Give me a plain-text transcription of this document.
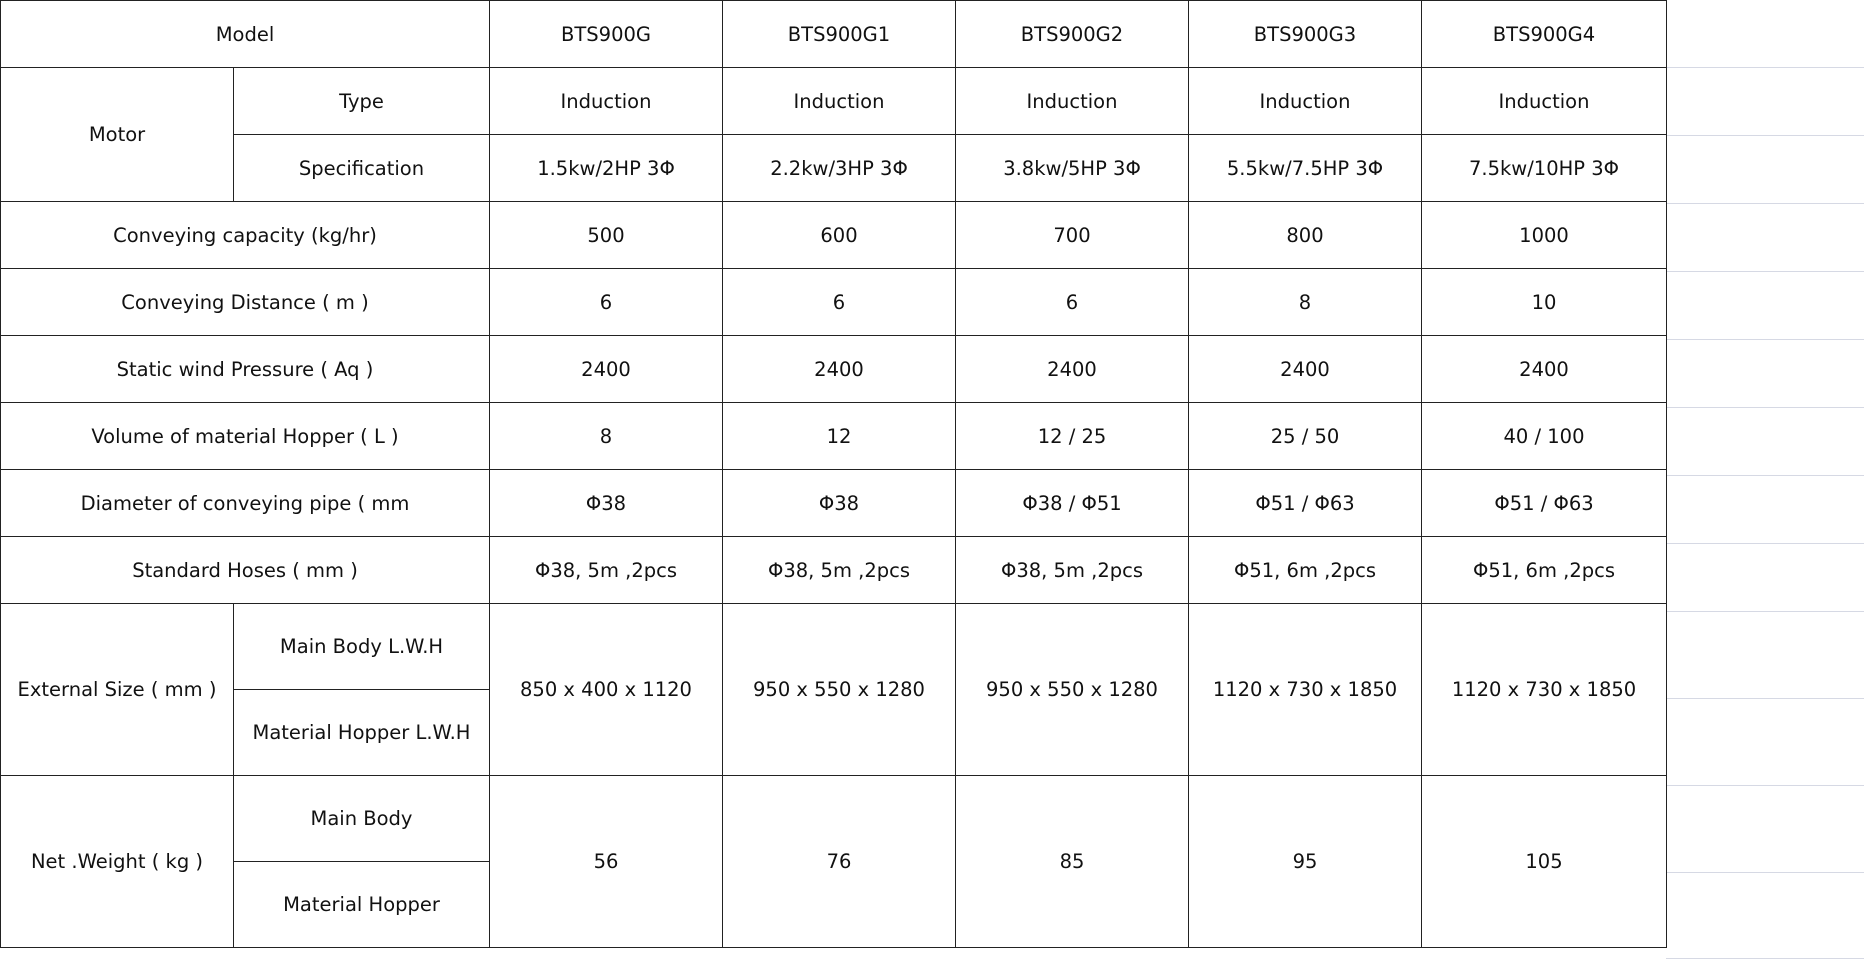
Model		BTS900G	BTS900G1	BTS900G2	BTS900G3	BTS900G4
Motor	Type	Induction	Induction	Induction	Induction	Induction
	Specification	1.5kw/2HP 3Φ	2.2kw/3HP 3Φ	3.8kw/5HP 3Φ	5.5kw/7.5HP 3Φ	7.5kw/10HP 3Φ
Conveying capacity (kg/hr)		500	600	700	800	1000
Conveying Distance ( m )		6	6	6	8	10
Static wind Pressure ( Aq )		2400	2400	2400	2400	2400
Volume of material Hopper ( L )		8	12	12 / 25	25 / 50	40 / 100
Diameter of conveying pipe ( mm		Φ38	Φ38	Φ38 / Φ51	Φ51 / Φ63	Φ51 / Φ63
Standard Hoses ( mm )		Φ38, 5m ,2pcs	Φ38, 5m ,2pcs	Φ38, 5m ,2pcs	Φ51, 6m ,2pcs	Φ51, 6m ,2pcs
External Size ( mm )	Main Body L.W.H	850 x 400 x 1120	950 x 550 x 1280	950 x 550 x 1280	1120 x 730 x 1850	1120 x 730 x 1850
	Material Hopper L.W.H					
Net .Weight ( kg )	Main Body	56	76	85	95	105
	Material Hopper					
